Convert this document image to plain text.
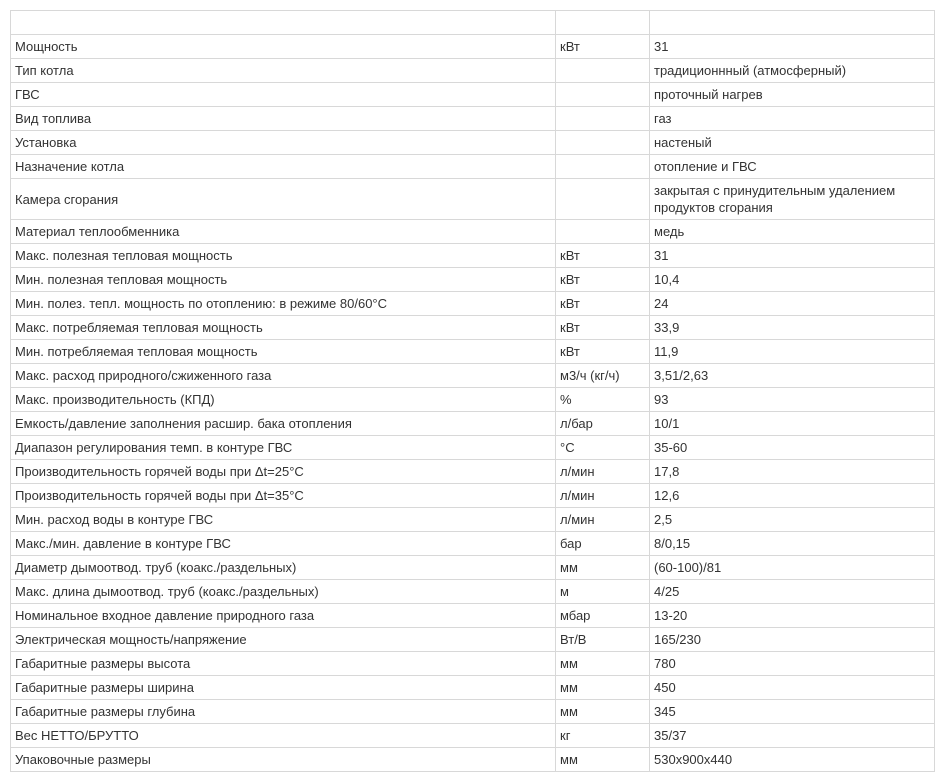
Мощность	кВт	31
Тип котла		традиционнный (атмосферный)
ГВС		проточный нагрев
Вид топлива		газ
Установка		настеный
Назначение котла		отопление и ГВС
Камера сгорания		закрытая с принудительным удалением продуктов сгорания
Материал теплообменника		медь
Макс. полезная тепловая мощность	кВт	31
Мин. полезная тепловая мощность	кВт	10,4
Мин. полез. тепл. мощность по отоплению: в режиме 80/60°С	кВт	24
Макс. потребляемая тепловая мощность	кВт	33,9
Мин. потребляемая тепловая мощность	кВт	11,9
Макс. расход природного/сжиженного газа	м3/ч (кг/ч)	3,51/2,63
Макс. производительность (КПД)	%	93
Емкость/давление заполнения расшир. бака отопления	л/бар	10/1
Диапазон регулирования темп. в контуре ГВС	°С	35-60
Производительность горячей воды при Δt=25°С	л/мин	17,8
Производительность горячей воды при Δt=35°С	л/мин	12,6
Мин. расход воды в контуре ГВС	л/мин	2,5
Макс./мин. давление в контуре ГВС	бар	8/0,15
Диаметр дымоотвод. труб (коакс./раздельных)	мм	(60-100)/81
Макс. длина дымоотвод. труб (коакс./раздельных)	м	4/25
Номинальное входное давление природного газа	мбар	13-20
Электрическая мощность/напряжение	Вт/В	165/230
Габаритные размеры высота	мм	780
Габаритные размеры ширина	мм	450
Габаритные размеры глубина	мм	345
Вес НЕТТО/БРУТТО	кг	35/37
Упаковочные размеры	мм	530х900х440
